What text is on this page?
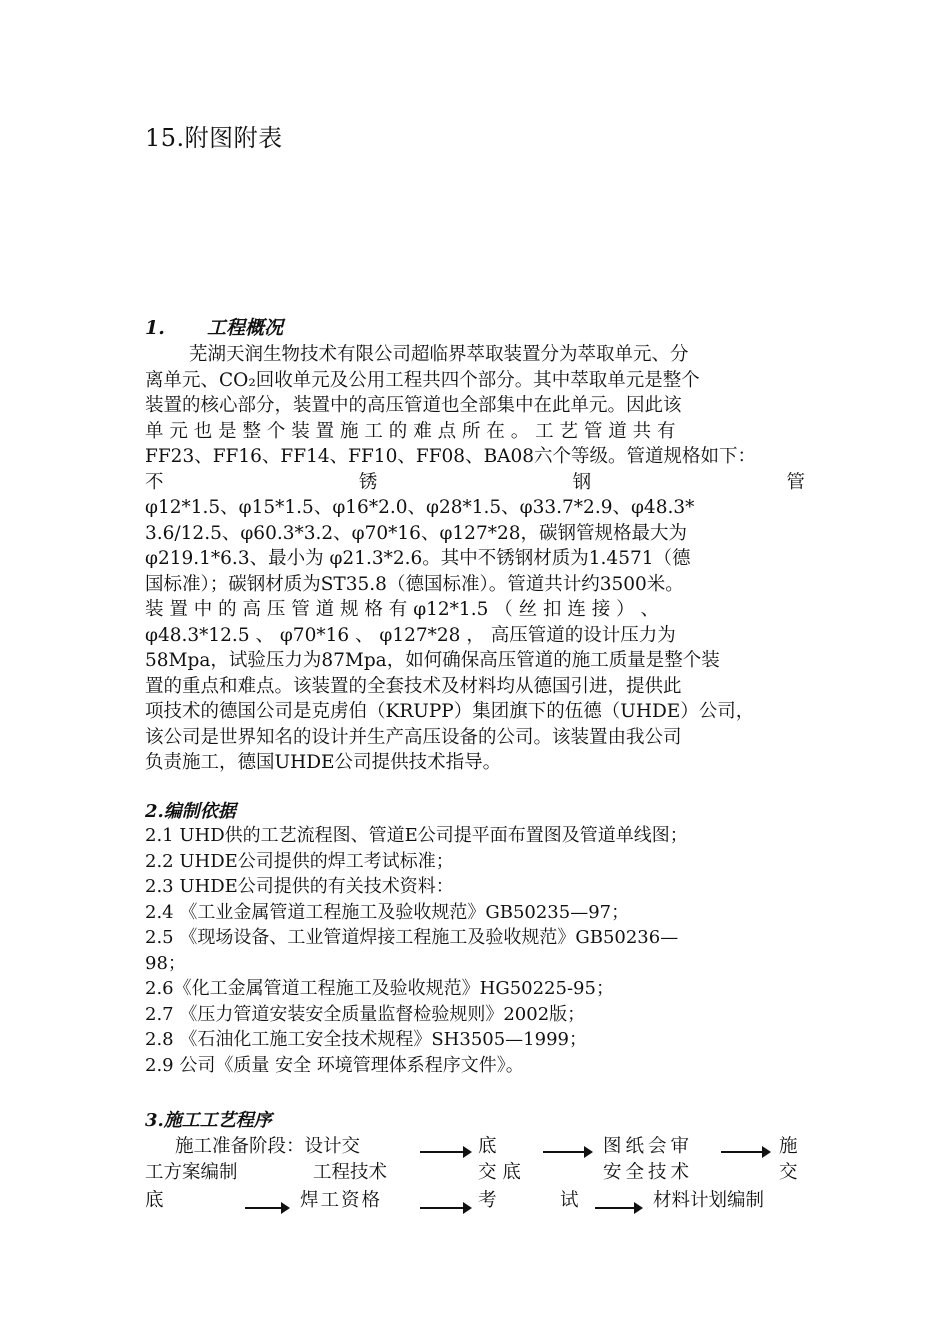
15.附图附表
1. 工程概况
芜湖天润生物技术有限公司超临界萃取装置分为萃取单元、分
离单元、CO₂回收单元及公用工程共四个部分。其中萃取单元是整个
装置的核心部分，装置中的高压管道也全部集中在此单元。因此该
单 元 也 是 整 个 装 置 施 工 的 难 点 所 在 。 工 艺 管 道 共 有
FF23、FF16、FF14、FF10、FF08、BA08六个等级。管道规格如下：
不	锈	钢	管
φ12*1.5、φ15*1.5、φ16*2.0、φ28*1.5、φ33.7*2.9、φ48.3*
3.6/12.5、φ60.3*3.2、φ70*16、φ127*28，碳钢管规格最大为
φ219.1*6.3、最小为 φ21.3*2.6。其中不锈钢材质为1.4571（德
国标准）；碳钢材质为ST35.8（德国标准）。管道共计约3500米。
装 置 中 的 高 压 管 道 规 格 有 φ12*1.5 （ 丝 扣 连 接 ） 、
φ48.3*12.5 、 φ70*16 、 φ127*28 ， 高压管道的设计压力为
58Mpa，试验压力为87Mpa，如何确保高压管道的施工质量是整个装
置的重点和难点。该装置的全套技术及材料均从德国引进，提供此
项技术的德国公司是克虏伯（KRUPP）集团旗下的伍德（UHDE）公司，
该公司是世界知名的设计并生产高压设备的公司。该装置由我公司
负责施工，德国UHDE公司提供技术指导。
2.编制依据
2.1 UHD供的工艺流程图、管道E公司提平面布置图及管道单线图；
2.2 UHDE公司提供的焊工考试标准；
2.3 UHDE公司提供的有关技术资料：
2.4 《工业金属管道工程施工及验收规范》GB50235—97；
2.5 《现场设备、工业管道焊接工程施工及验收规范》GB50236—
98；
2.6《化工金属管道工程施工及验收规范》HG50225-95；
2.7 《压力管道安装安全质量监督检验规则》2002版；
2.8 《石油化工施工安全技术规程》SH3505—1999；
2.9 公司《质量 安全 环境管理体系程序文件》。
3.施工工艺程序
施工准备阶段：设计交	底	图纸会审	施
工方案编制	工程技术	交 底	安全技术	交
底	焊工资格	考	试	材料计划编制
